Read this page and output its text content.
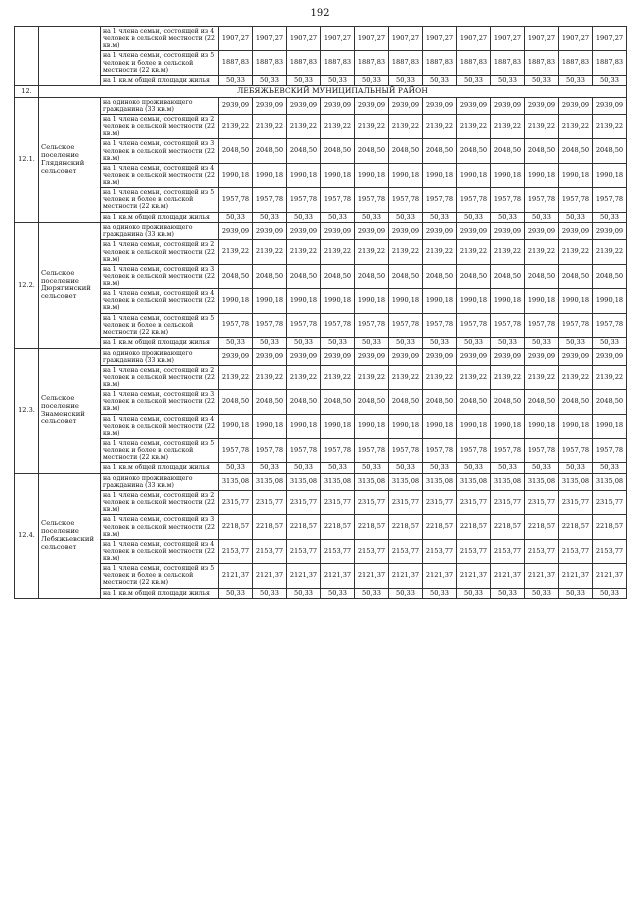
192
		на 1 члена семьи, состоящей из 4 человек в сельской местности (22 кв.м)	1907,27	1907,27	1907,27	1907,27	1907,27	1907,27	1907,27	1907,27	1907,27	1907,27	1907,27	1907,27
		на 1 члена семьи, состоящей из 5 человек и более в сельской местности (22 кв.м)	1887,83	1887,83	1887,83	1887,83	1887,83	1887,83	1887,83	1887,83	1887,83	1887,83	1887,83	1887,83
		на 1 кв.м общей площади жилья	50,33	50,33	50,33	50,33	50,33	50,33	50,33	50,33	50,33	50,33	50,33	50,33
12.	ЛЕБЯЖЬЕВСКИЙ МУНИЦИПАЛЬНЫЙ РАЙОН													
12.1.	Сельское поселение Глядянский сельсовет	на одиноко проживающего гражданина (33 кв.м)	2939,09	2939,09	2939,09	2939,09	2939,09	2939,09	2939,09	2939,09	2939,09	2939,09	2939,09	2939,09
		на 1 члена семьи, состоящей из 2 человек в сельской местности (22 кв.м)	2139,22	2139,22	2139,22	2139,22	2139,22	2139,22	2139,22	2139,22	2139,22	2139,22	2139,22	2139,22
		на 1 члена семьи, состоящей из 3 человек в сельской местности (22 кв.м)	2048,50	2048,50	2048,50	2048,50	2048,50	2048,50	2048,50	2048,50	2048,50	2048,50	2048,50	2048,50
		на 1 члена семьи, состоящей из 4 человек в сельской местности (22 кв.м)	1990,18	1990,18	1990,18	1990,18	1990,18	1990,18	1990,18	1990,18	1990,18	1990,18	1990,18	1990,18
		на 1 члена семьи, состоящей из 5 человек и более в сельской местности (22 кв.м)	1957,78	1957,78	1957,78	1957,78	1957,78	1957,78	1957,78	1957,78	1957,78	1957,78	1957,78	1957,78
		на 1 кв.м общей площади жилья	50,33	50,33	50,33	50,33	50,33	50,33	50,33	50,33	50,33	50,33	50,33	50,33
12.2.	Сельское поселение Дюрягинский сельсовет	на одиноко проживающего гражданина (33 кв.м)	2939,09	2939,09	2939,09	2939,09	2939,09	2939,09	2939,09	2939,09	2939,09	2939,09	2939,09	2939,09
		на 1 члена семьи, состоящей из 2 человек в сельской местности (22 кв.м)	2139,22	2139,22	2139,22	2139,22	2139,22	2139,22	2139,22	2139,22	2139,22	2139,22	2139,22	2139,22
		на 1 члена семьи, состоящей из 3 человек в сельской местности (22 кв.м)	2048,50	2048,50	2048,50	2048,50	2048,50	2048,50	2048,50	2048,50	2048,50	2048,50	2048,50	2048,50
		на 1 члена семьи, состоящей из 4 человек в сельской местности (22 кв.м)	1990,18	1990,18	1990,18	1990,18	1990,18	1990,18	1990,18	1990,18	1990,18	1990,18	1990,18	1990,18
		на 1 члена семьи, состоящей из 5 человек и более в сельской местности (22 кв.м)	1957,78	1957,78	1957,78	1957,78	1957,78	1957,78	1957,78	1957,78	1957,78	1957,78	1957,78	1957,78
		на 1 кв.м общей площади жилья	50,33	50,33	50,33	50,33	50,33	50,33	50,33	50,33	50,33	50,33	50,33	50,33
12.3.	Сельское поселение Знаменский сельсовет	на одиноко проживающего гражданина (33 кв.м)	2939,09	2939,09	2939,09	2939,09	2939,09	2939,09	2939,09	2939,09	2939,09	2939,09	2939,09	2939,09
		на 1 члена семьи, состоящей из 2 человек в сельской местности (22 кв.м)	2139,22	2139,22	2139,22	2139,22	2139,22	2139,22	2139,22	2139,22	2139,22	2139,22	2139,22	2139,22
		на 1 члена семьи, состоящей из 3 человек в сельской местности (22 кв.м)	2048,50	2048,50	2048,50	2048,50	2048,50	2048,50	2048,50	2048,50	2048,50	2048,50	2048,50	2048,50
		на 1 члена семьи, состоящей из 4 человек в сельской местности (22 кв.м)	1990,18	1990,18	1990,18	1990,18	1990,18	1990,18	1990,18	1990,18	1990,18	1990,18	1990,18	1990,18
		на 1 члена семьи, состоящей из 5 человек и более в сельской местности (22 кв.м)	1957,78	1957,78	1957,78	1957,78	1957,78	1957,78	1957,78	1957,78	1957,78	1957,78	1957,78	1957,78
		на 1 кв.м общей площади жилья	50,33	50,33	50,33	50,33	50,33	50,33	50,33	50,33	50,33	50,33	50,33	50,33
12.4.	Сельское поселение Лебяжьевский сельсовет	на одиноко проживающего гражданина (33 кв.м)	3135,08	3135,08	3135,08	3135,08	3135,08	3135,08	3135,08	3135,08	3135,08	3135,08	3135,08	3135,08
		на 1 члена семьи, состоящей из 2 человек в сельской местности (22 кв.м)	2315,77	2315,77	2315,77	2315,77	2315,77	2315,77	2315,77	2315,77	2315,77	2315,77	2315,77	2315,77
		на 1 члена семьи, состоящей из 3 человек в сельской местности (22 кв.м)	2218,57	2218,57	2218,57	2218,57	2218,57	2218,57	2218,57	2218,57	2218,57	2218,57	2218,57	2218,57
		на 1 члена семьи, состоящей из 4 человек в сельской местности (22 кв.м)	2153,77	2153,77	2153,77	2153,77	2153,77	2153,77	2153,77	2153,77	2153,77	2153,77	2153,77	2153,77
		на 1 члена семьи, состоящей из 5 человек и более в сельской местности (22 кв.м)	2121,37	2121,37	2121,37	2121,37	2121,37	2121,37	2121,37	2121,37	2121,37	2121,37	2121,37	2121,37
		на 1 кв.м общей площади жилья	50,33	50,33	50,33	50,33	50,33	50,33	50,33	50,33	50,33	50,33	50,33	50,33
